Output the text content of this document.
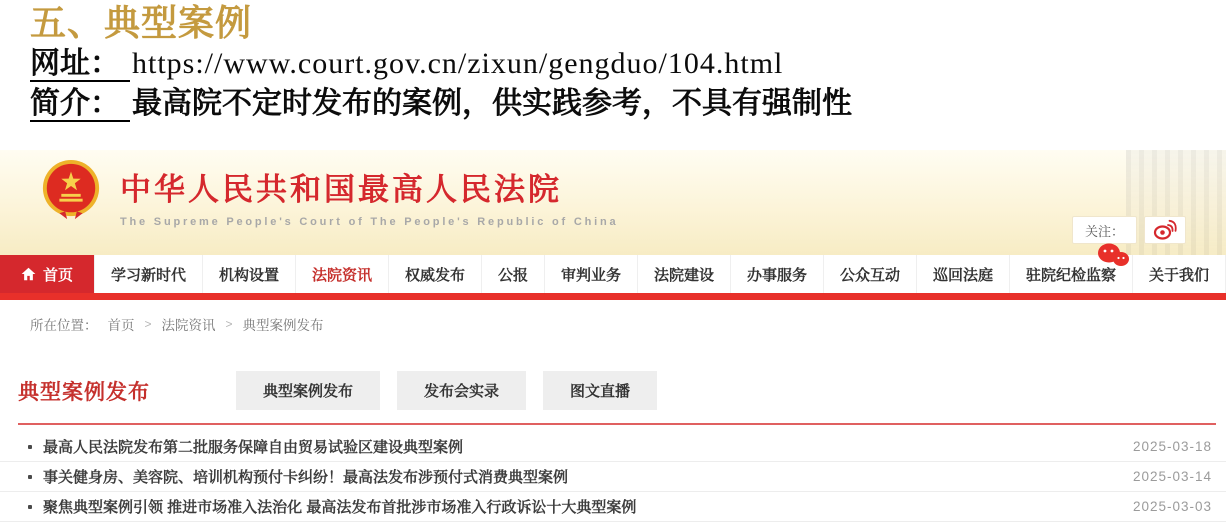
五、典型案例
网址： https://www.court.gov.cn/zixun/gengduo/104.html
简介： 最高院不定时发布的案例，供实践参考，不具有强制性
中华人民共和国最高人民法院
The Supreme People's Court of The People's Republic of China
关注：
首页	学习新时代 机构设置 法院资讯 权威发布 公报 审判业务 法院建设 办事服务 公众互动 巡回法庭 驻院纪检监察 关于我们
所在位置： 首页 > 法院资讯 > 典型案例发布
典型案例发布	典型案例发布	发布会实录	图文直播
最高人民法院发布第二批服务保障自由贸易试验区建设典型案例	2025-03-18
事关健身房、美容院、培训机构预付卡纠纷！最高法发布涉预付式消费典型案例	2025-03-14
聚焦典型案例引领 推进市场准入法治化 最高法发布首批涉市场准入行政诉讼十大典型案例	2025-03-03
